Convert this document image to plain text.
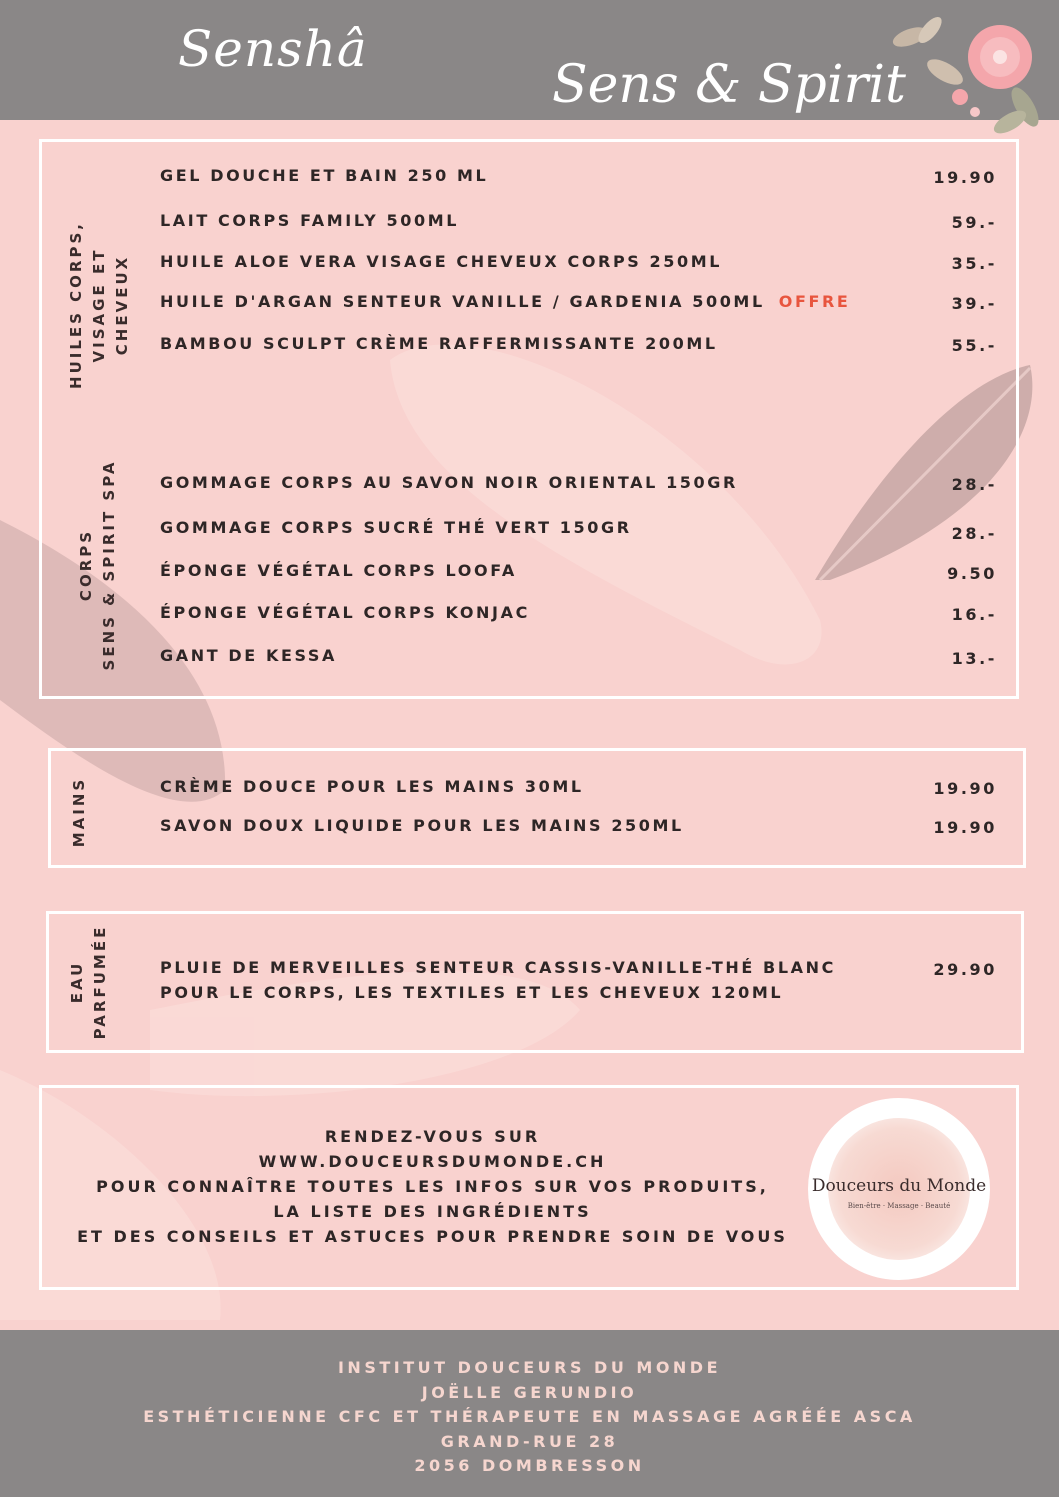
Senshâ
Sens & Spirit
HUILES CORPS,
VISAGE ET
CHEVEUX
GEL DOUCHE ET BAIN 250 ML	19.90
LAIT CORPS FAMILY 500ML	59.-
HUILE ALOE VERA VISAGE CHEVEUX CORPS 250ML	35.-
HUILE D'ARGAN SENTEUR VANILLE / GARDENIA 500ML OFFRE	39.-
BAMBOU SCULPT CRÈME RAFFERMISSANTE 200ML	55.-
CORPS
SENS & SPIRIT SPA	GOMMAGE CORPS AU SAVON NOIR ORIENTAL 150GR	28.-
GOMMAGE CORPS SUCRÉ THÉ VERT 150GR	28.-
ÉPONGE VÉGÉTAL CORPS LOOFA	9.50
ÉPONGE VÉGÉTAL CORPS KONJAC	16.-
GANT DE KESSA	13.-
MAINS	CRÈME DOUCE POUR LES MAINS 30ML	19.90
SAVON DOUX LIQUIDE POUR LES MAINS 250ML	19.90
EAU
PARFUMÉE	PLUIE DE MERVEILLES SENTEUR CASSIS-VANILLE-THÉ BLANC
POUR LE CORPS, LES TEXTILES ET LES CHEVEUX 120ML
29.90
RENDEZ-VOUS SUR
WWW.DOUCEURSDUMONDE.CH
POUR CONNAÎTRE TOUTES LES INFOS SUR VOS PRODUITS,
LA LISTE DES INGRÉDIENTS
ET DES CONSEILS ET ASTUCES POUR PRENDRE SOIN DE VOUS
Douceurs du Monde
Bien-être · Massage · Beauté
INSTITUT DOUCEURS DU MONDE
JOËLLE GERUNDIO
ESTHÉTICIENNE CFC ET THÉRAPEUTE EN MASSAGE AGRÉÉE ASCA
GRAND-RUE 28
2056 DOMBRESSON
